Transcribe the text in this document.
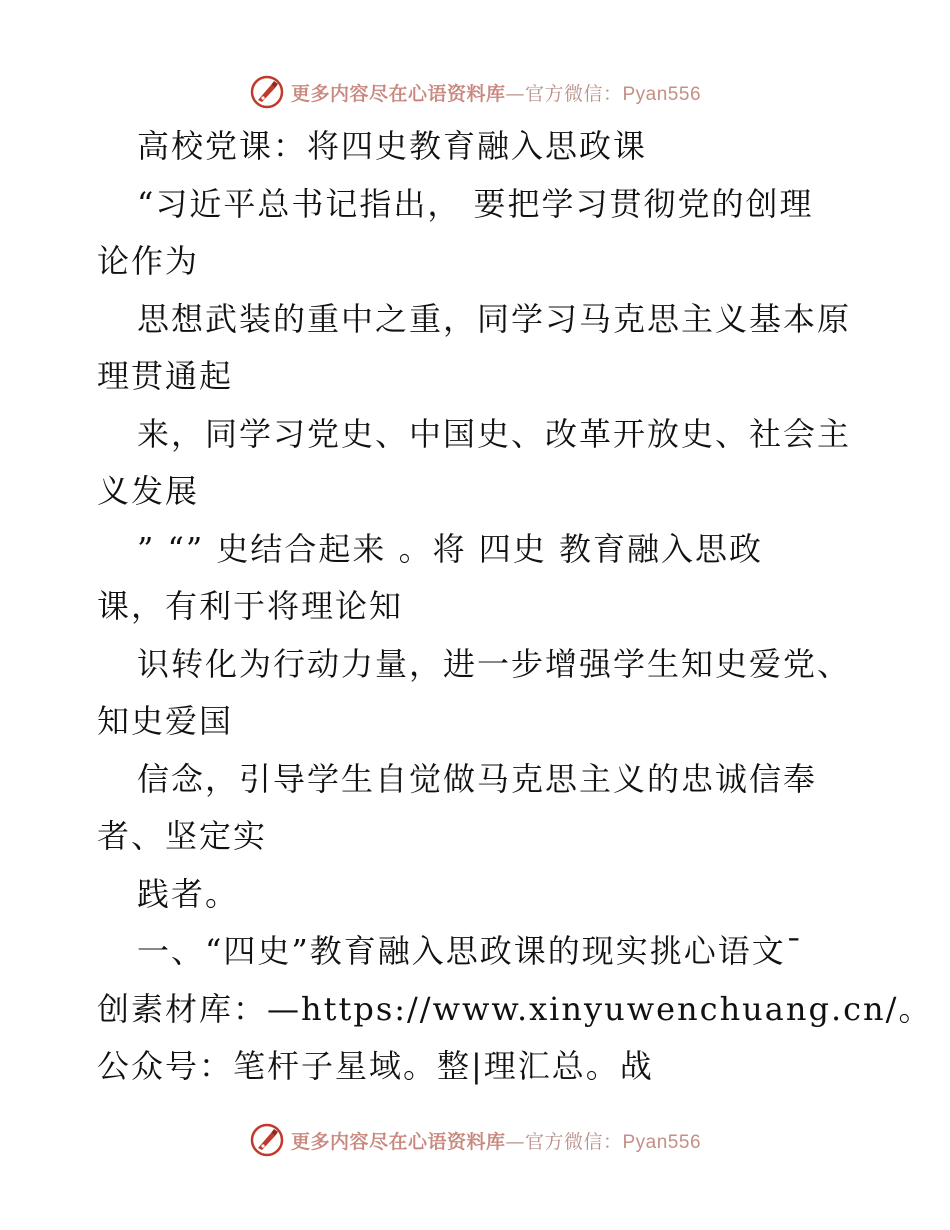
更多内容尽在心语资料库—官方微信：Pyan556
高校党课：将四史教育融入思政课
“习近平总书记指出， 要把学习贯彻党的创理
论作为
思想武装的重中之重，同学习马克思主义基本原
理贯通起
来，同学习党史、中国史、改革开放史、社会主
义发展
” “” 史结合起来 。将 四史 教育融入思政
课，有利于将理论知
识转化为行动力量，进一步增强学生知史爱党、
知史爱国
信念，引导学生自觉做马克思主义的忠诚信奉
者、坚定实
践者。
一、“四史”教育融入思政课的现实挑心语文¯
创素材库：—https://www.xinyuwenchuang.cn/。
公众号：笔杆子星域。整|理汇总。战
更多内容尽在心语资料库—官方微信：Pyan556
